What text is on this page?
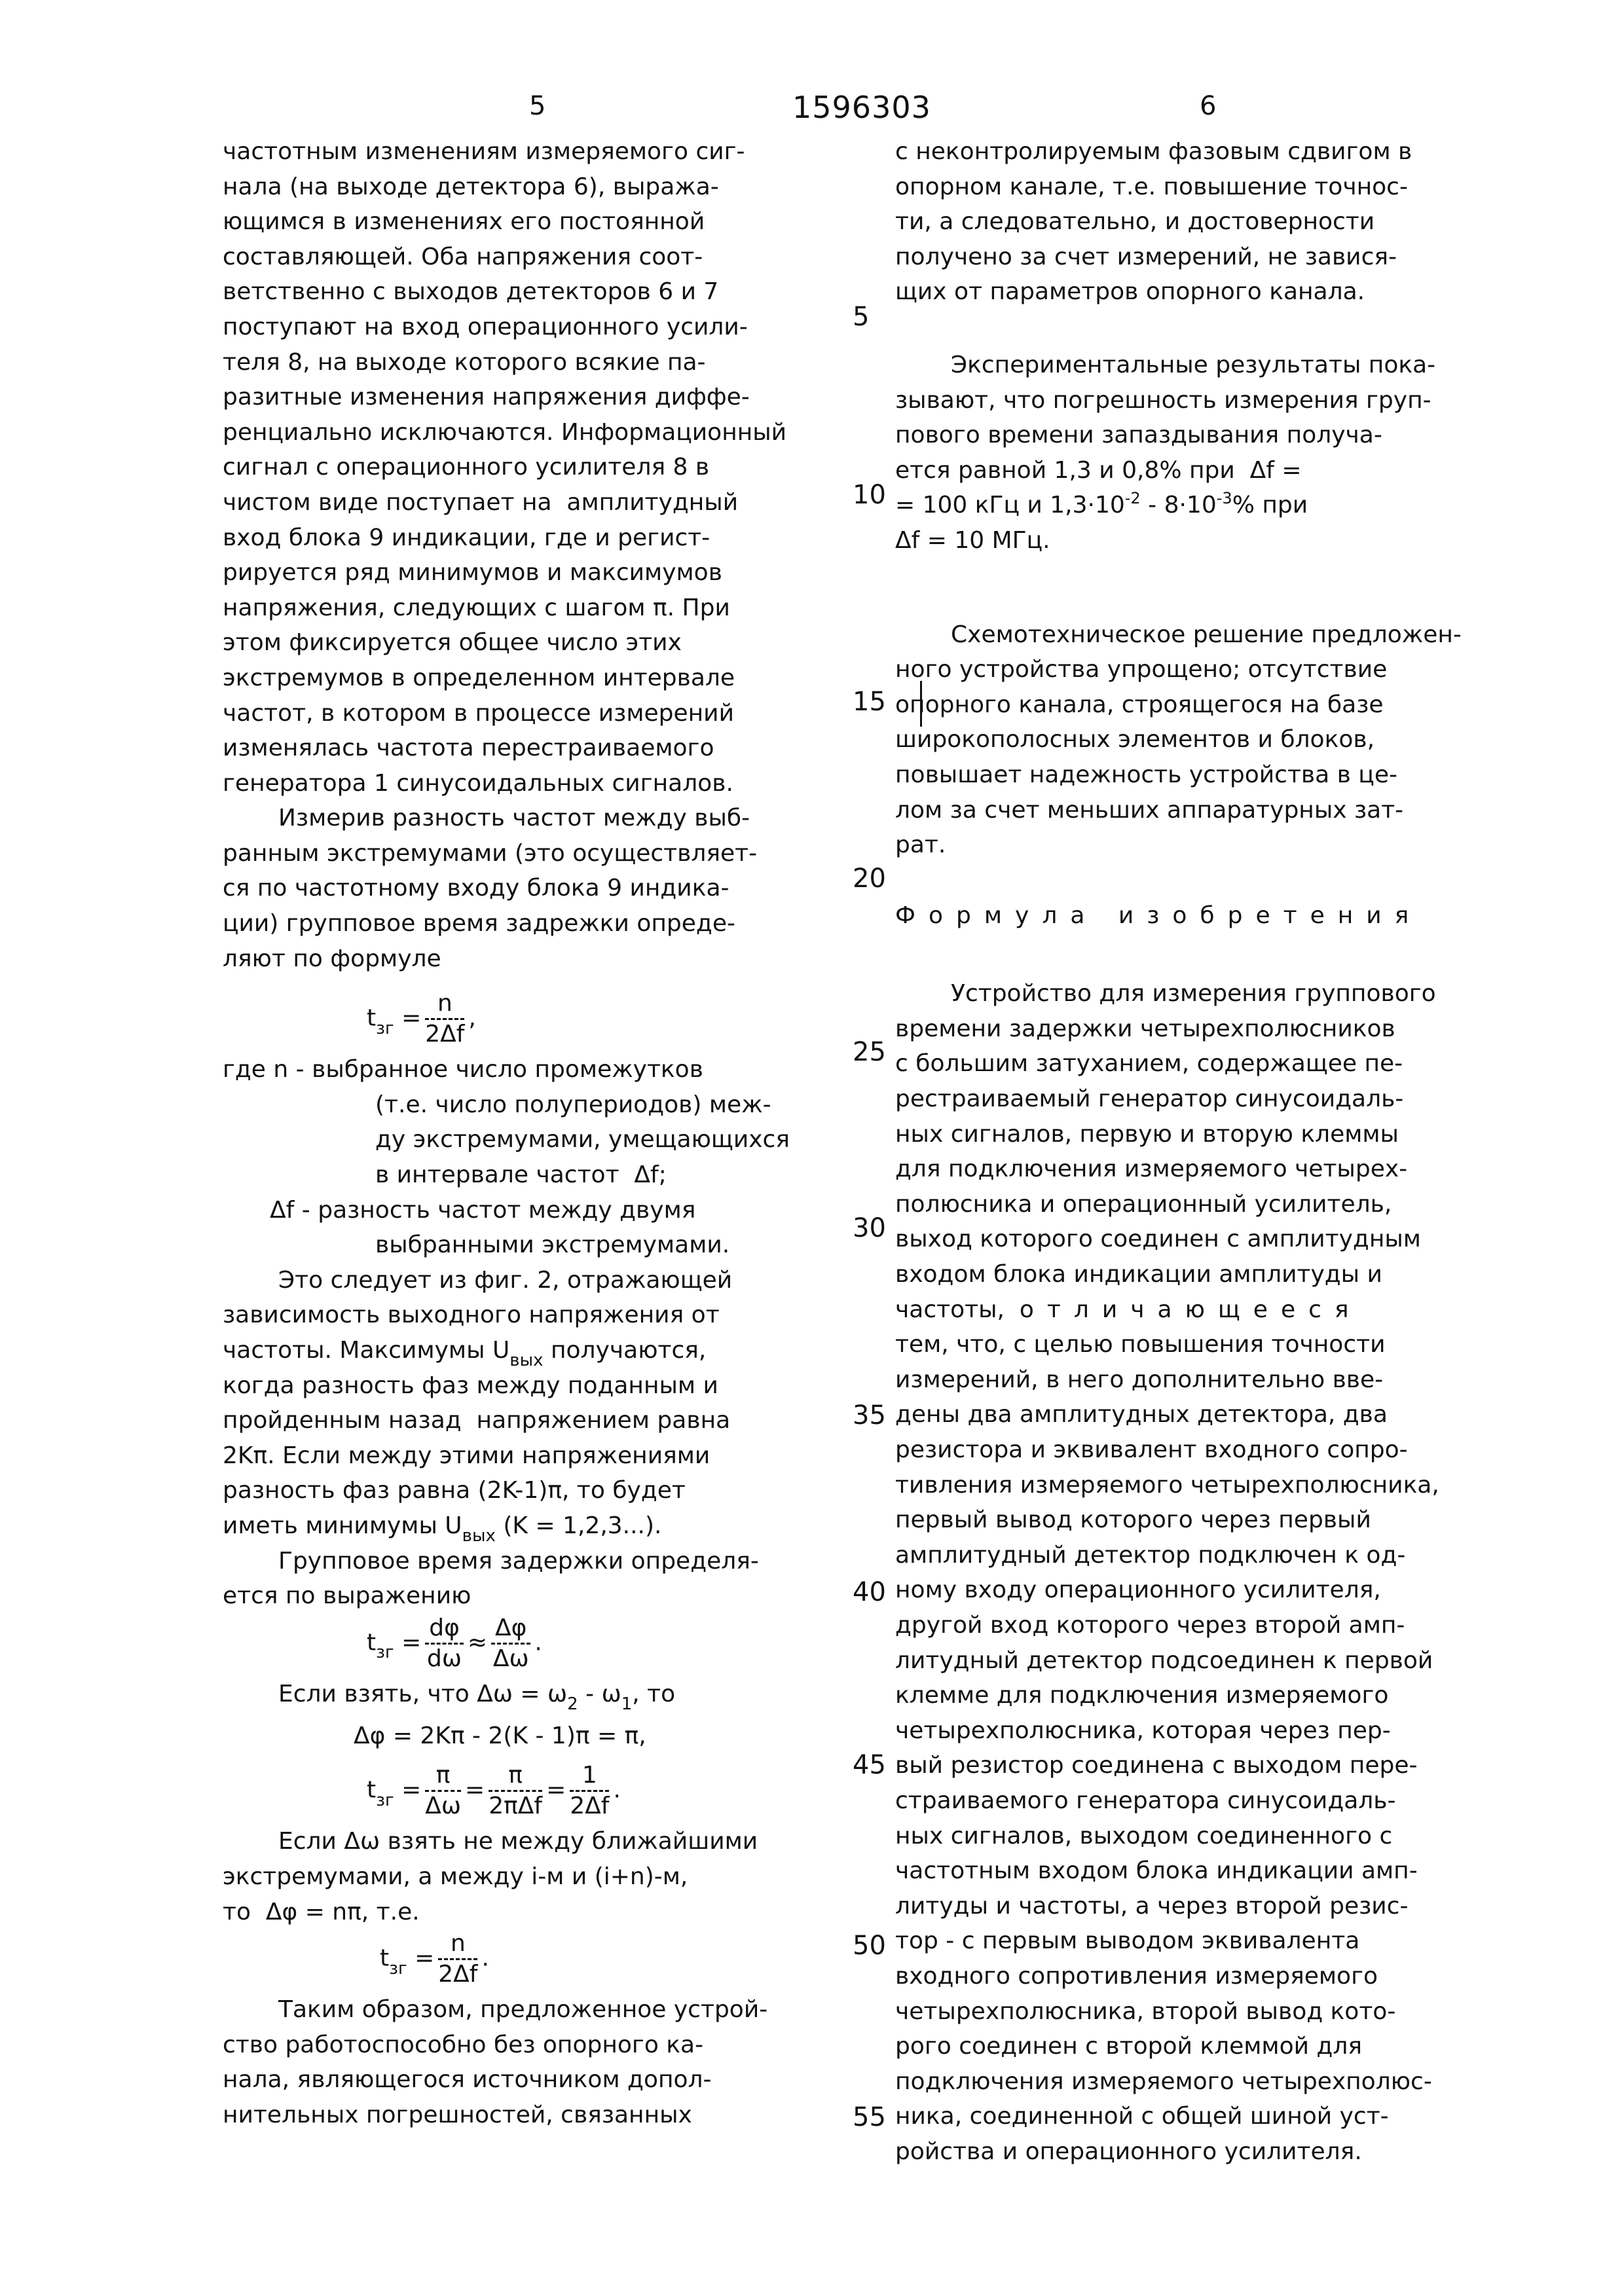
5	1596303	6
5
10
15
20
25
30
35
40
45
50
55
частотным изменениям измеряемого сиг-
нала (на выходе детектора 6), выража-
ющимся в изменениях его постоянной
составляющей. Оба напряжения соот-
ветственно с выходов детекторов 6 и 7
поступают на вход операционного усили-
теля 8, на выходе которого всякие па-
разитные изменения напряжения диффе-
ренциально исключаются. Информационный
сигнал с операционного усилителя 8 в
чистом виде поступает на  амплитудный
вход блока 9 индикации, где и регист-
рируется ряд минимумов и максимумов
напряжения, следующих с шагом π. При
этом фиксируется общее число этих
экстремумов в определенном интервале
частот, в котором в процессе измерений
изменялась частота перестраиваемого
генератора 1 синусоидальных сигналов.
Измерив разность частот между выб-
ранным экстремумами (это осуществляет-
ся по частотному входу блока 9 индика-
ции) групповое время задрежки опреде-
ляют по формуле
tзг =
n
2Δf
,
где n - выбранное число промежутков
(т.е. число полупериодов) меж-
ду экстремумами, умещающихся
в интервале частот  Δf;
Δf - разность частот между двумя
выбранными экстремумами.
Это следует из фиг. 2, отражающей
зависимость выходного напряжения от
частоты. Максимумы Uвых получаются,
когда разность фаз между поданным и
пройденным назад  напряжением равна
2Kπ. Если между этими напряжениями
разность фаз равна (2K-1)π, то будет
иметь минимумы Uвых (K = 1,2,3...).
Групповое время задержки определя-
ется по выражению
tзг =
dφ
dω
≈
Δφ
Δω
.
Если взять, что Δω = ω2 - ω1, то
Δφ = 2Kπ - 2(K - 1)π = π,
tзг =
π
Δω
=
π
2πΔf
=
1
2Δf
.
Если Δω взять не между ближайшими
экстремумами, а между i-м и (i+n)-м,
то  Δφ = nπ, т.е.
tзг =
n
2Δf
.
Таким образом, предложенное устрой-
ство работоспособно без опорного ка-
нала, являющегося источником допол-
нительных погрешностей, связанных
с неконтролируемым фазовым сдвигом в
опорном канале, т.е. повышение точнос-
ти, а следовательно, и достоверности
получено за счет измерений, не завися-
щих от параметров опорного канала.
Экспериментальные результаты пока-
зывают, что погрешность измерения груп-
пового времени запаздывания получа-
ется равной 1,3 и 0,8% при  Δf =
= 100 кГц и 1,3·10-2 - 8·10-3% при
Δf = 10 МГц.
Схемотехническое решение предложен-
ного устройства упрощено; отсутствие
опорного канала, строящегося на базе
широкополосных элементов и блоков,
повышает надежность устройства в це-
лом за счет меньших аппаратурных зат-
рат.
Формула изобретения
Устройство для измерения группового
времени задержки четырехполюсников
с большим затуханием, содержащее пе-
рестраиваемый генератор синусоидаль-
ных сигналов, первую и вторую клеммы
для подключения измеряемого четырех-
полюсника и операционный усилитель,
выход которого соединен с амплитудным
входом блока индикации амплитуды и
частоты, отличающееся
тем, что, с целью повышения точности
измерений, в него дополнительно вве-
дены два амплитудных детектора, два
резистора и эквивалент входного сопро-
тивления измеряемого четырехполюсника,
первый вывод которого через первый
амплитудный детектор подключен к од-
ному входу операционного усилителя,
другой вход которого через второй амп-
литудный детектор подсоединен к первой
клемме для подключения измеряемого
четырехполюсника, которая через пер-
вый резистор соединена с выходом пере-
страиваемого генератора синусоидаль-
ных сигналов, выходом соединенного с
частотным входом блока индикации амп-
литуды и частоты, а через второй резис-
тор - с первым выводом эквивалента
входного сопротивления измеряемого
четырехполюсника, второй вывод кото-
рого соединен с второй клеммой для
подключения измеряемого четырехполюс-
ника, соединенной с общей шиной уст-
ройства и операционного усилителя.
